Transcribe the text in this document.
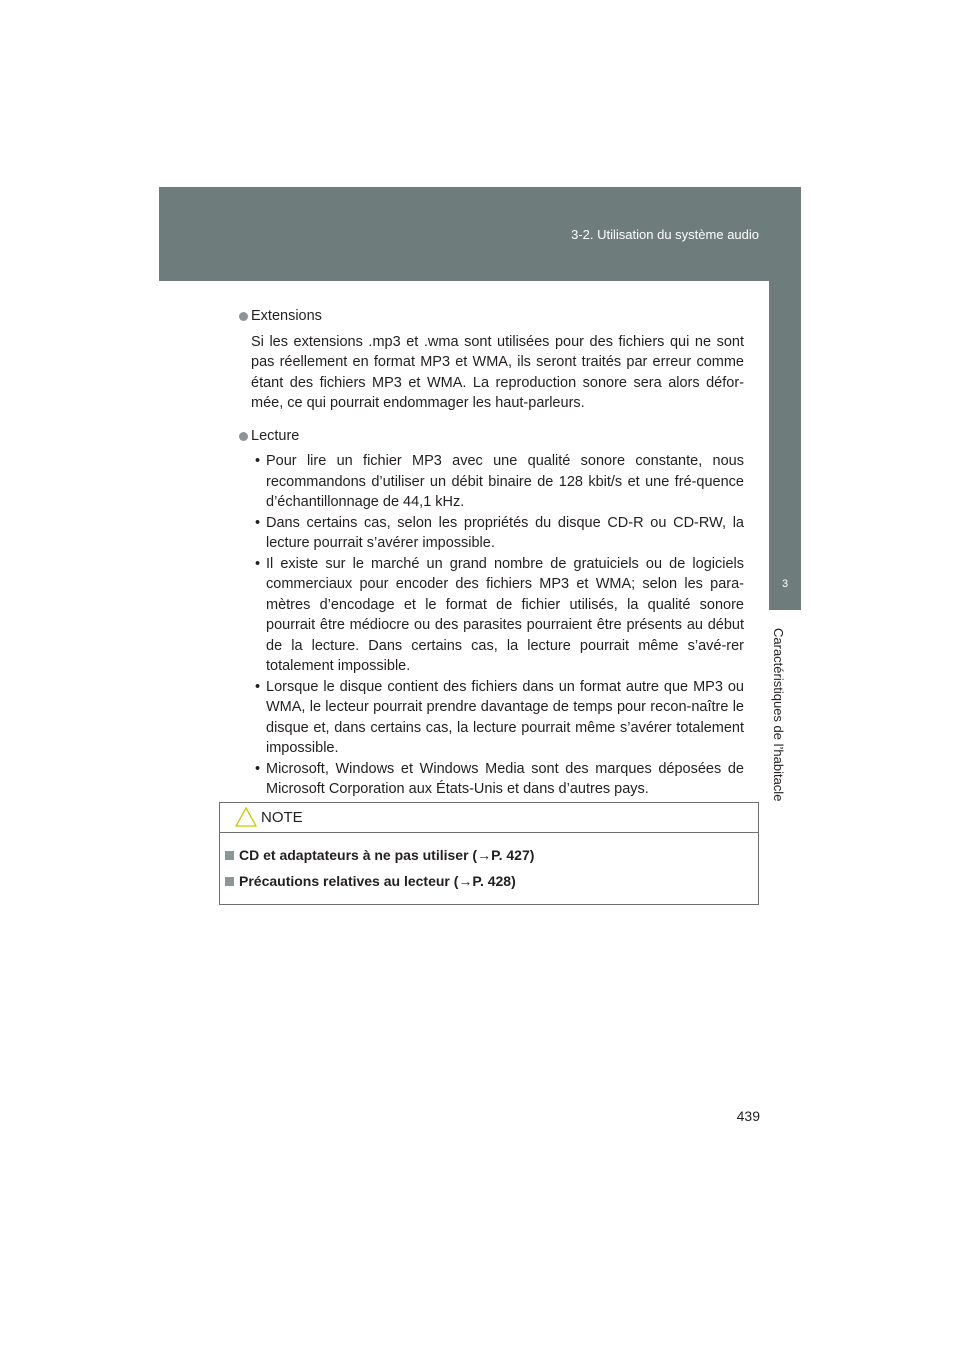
3-2. Utilisation du système audio
3
Caractéristiques de l’habitacle

Extensions

Si les extensions .mp3 et .wma sont utilisées pour des fichiers qui ne sont pas réellement en format MP3 et WMA, ils seront traités par erreur comme étant des fichiers MP3 et WMA. La reproduction sonore sera alors défor-mée, ce qui pourrait endommager les haut-parleurs.

Lecture

• Pour lire un fichier MP3 avec une qualité sonore constante, nous recommandons d’utiliser un débit binaire de 128 kbit/s et une fré-quence d’échantillonnage de 44,1 kHz.
• Dans certains cas, selon les propriétés du disque CD-R ou CD-RW, la lecture pourrait s’avérer impossible.
• Il existe sur le marché un grand nombre de gratuiciels ou de logiciels commerciaux pour encoder des fichiers MP3 et WMA; selon les para-mètres d’encodage et le format de fichier utilisés, la qualité sonore pourrait être médiocre ou des parasites pourraient être présents au début de la lecture. Dans certains cas, la lecture pourrait même s’avé-rer totalement impossible.
• Lorsque le disque contient des fichiers dans un format autre que MP3 ou WMA, le lecteur pourrait prendre davantage de temps pour recon-naître le disque et, dans certains cas, la lecture pourrait même s’avérer totalement impossible.
• Microsoft, Windows et Windows Media sont des marques déposées de Microsoft Corporation aux États-Unis et dans d’autres pays.
NOTE
CD et adaptateurs à ne pas utiliser (→P. 427)
Précautions relatives au lecteur (→P. 428)
439
